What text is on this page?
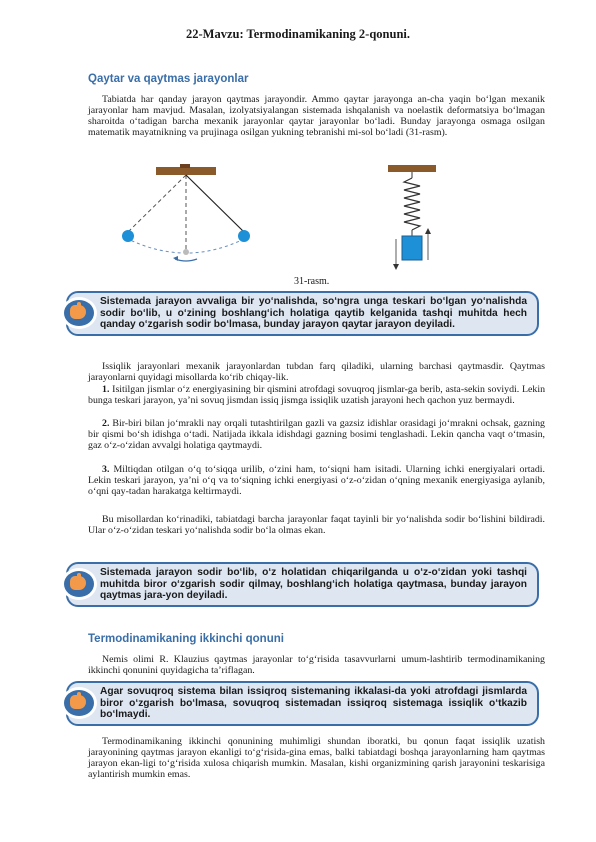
22-Mavzu: Termodinamikaning 2-qonuni.
Qaytar va qaytmas jarayonlar
Tabiatda har qanday jarayon qaytmas jarayondir. Ammo qaytar jarayonga an-cha yaqin bo‘lgan mexanik jarayonlar ham mavjud. Masalan, izolyatsiyalangan sistemada ishqalanish va noelastik deformatsiya bo‘lmagan sharoitda o‘tadigan barcha mexanik jarayonlar qaytar jarayonlar bo‘ladi. Bunday jarayonga osmaga osilgan matematik mayatnikning va prujinaga osilgan yukning tebranishi mi-sol bo‘ladi (31-rasm).
31-rasm.
Sistemada jarayon avvaliga bir yo‘nalishda, so‘ngra unga teskari bo‘lgan yo‘nalishda sodir bo‘lib, u o‘zining boshlang‘ich holatiga qaytib kelganida tashqi muhitda hech qanday o‘zgarish sodir bo‘lmasa, bunday jarayon qaytar jarayon deyiladi.
Issiqlik jarayonlari mexanik jarayonlardan tubdan farq qiladiki, ularning barchasi qaytmasdir. Qaytmas jarayonlarni quyidagi misollarda ko‘rib chiqay-lik.
1. Isitilgan jismlar o‘z energiyasining bir qismini atrofdagi sovuqroq jismlar-ga berib, asta-sekin soviydi. Lekin bunga teskari jarayon, ya’ni sovuq jismdan issiq jismga issiqlik uzatish jarayoni hech qachon yuz bermaydi.
2. Bir-biri bilan jo‘mrakli nay orqali tutashtirilgan gazli va gazsiz idishlar orasidagi jo‘mrakni ochsak, gazning bir qismi bo‘sh idishga o‘tadi. Natijada ikkala idishdagi gazning bosimi tenglashadi. Lekin qancha vaqt o‘tmasin, gaz o‘z-o‘zidan avvalgi holatiga qaytmaydi.
3. Miltiqdan otilgan o‘q to‘siqqa urilib, o‘zini ham, to‘siqni ham isitadi. Ularning ichki energiyalari ortadi. Lekin teskari jarayon, ya’ni o‘q va to‘siqning ichki energiyasi o‘z-o‘zidan o‘qning mexanik energiyasiga aylanib, o‘qni qay-tadan harakatga keltirmaydi.
Bu misollardan ko‘rinadiki, tabiatdagi barcha jarayonlar faqat tayinli bir yo‘nalishda sodir bo‘lishini bildiradi. Ular o‘z-o‘zidan teskari yo‘nalishda sodir bo‘la olmas ekan.
Sistemada jarayon sodir bo‘lib, o‘z holatidan chiqarilganda u o‘z-o‘zidan yoki tashqi muhitda biror o‘zgarish sodir qilmay, boshlang‘ich holatiga qaytmasa, bunday jarayon qaytmas jara-yon deyiladi.
Termodinamikaning ikkinchi qonuni
Nemis olimi R. Klauzius qaytmas jarayonlar to‘g‘risida tasavvurlarni umum-lashtirib termodinamikaning ikkinchi qonunini quyidagicha ta’riflagan.
Agar sovuqroq sistema bilan issiqroq sistemaning ikkalasi-da yoki atrofdagi jismlarda biror o‘zgarish bo‘lmasa, sovuqroq sistemadan issiqroq sistemaga issiqlik o‘tkazib bo‘lmaydi.
Termodinamikaning ikkinchi qonunining muhimligi shundan iboratki, bu qonun faqat issiqlik uzatish jarayonining qaytmas jarayon ekanligi to‘g‘risida-gina emas, balki tabiatdagi boshqa jarayonlarning ham qaytmas jarayon ekan-ligi to‘g‘risida xulosa chiqarish mumkin. Masalan, kishi organizmining qarish jarayonini teskarisiga aylantirish mumkin emas.
